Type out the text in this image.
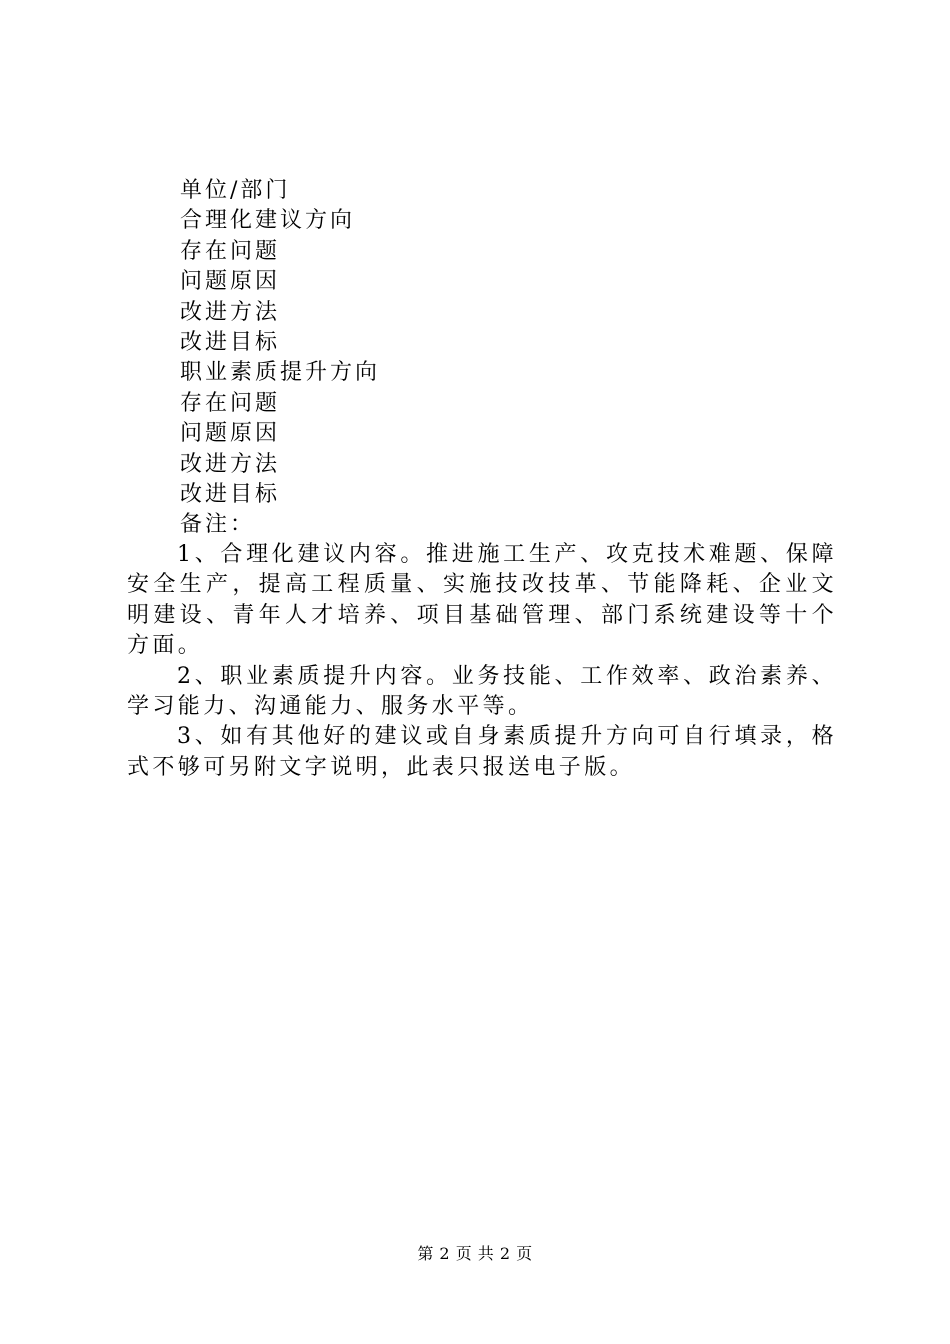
单位/部门
合理化建议方向
存在问题
问题原因
改进方法
改进目标
职业素质提升方向
存在问题
问题原因
改进方法
改进目标
备注：

1、合理化建议内容。推进施工生产、攻克技术难题、保障安全生产，提高工程质量、实施技改技革、节能降耗、企业文明建设、青年人才培养、项目基础管理、部门系统建设等十个方面。

2、职业素质提升内容。业务技能、工作效率、政治素养、学习能力、沟通能力、服务水平等。

3、如有其他好的建议或自身素质提升方向可自行填录，格式不够可另附文字说明，此表只报送电子版。

第 2 页 共 2 页
